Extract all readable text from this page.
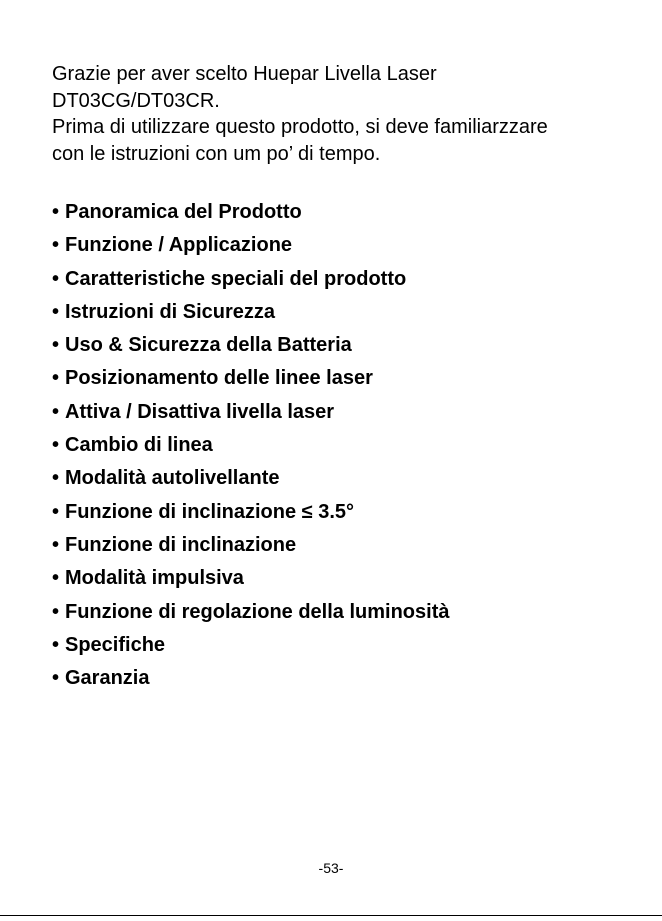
Grazie per aver scelto Huepar Livella Laser

DT03CG/DT03CR.

Prima di utilizzare questo prodotto, si deve familiarzzare

con le istruzioni con um po’ di tempo.

• Panoramica del Prodotto
• Funzione / Applicazione
• Caratteristiche speciali del prodotto
• Istruzioni di Sicurezza
• Uso & Sicurezza della Batteria
• Posizionamento delle linee laser
• Attiva / Disattiva livella laser
• Cambio di linea
• Modalità autolivellante
• Funzione di inclinazione ≤ 3.5°
• Funzione di inclinazione
• Modalità impulsiva
• Funzione di regolazione della luminosità
• Specifiche
• Garanzia
-53-
